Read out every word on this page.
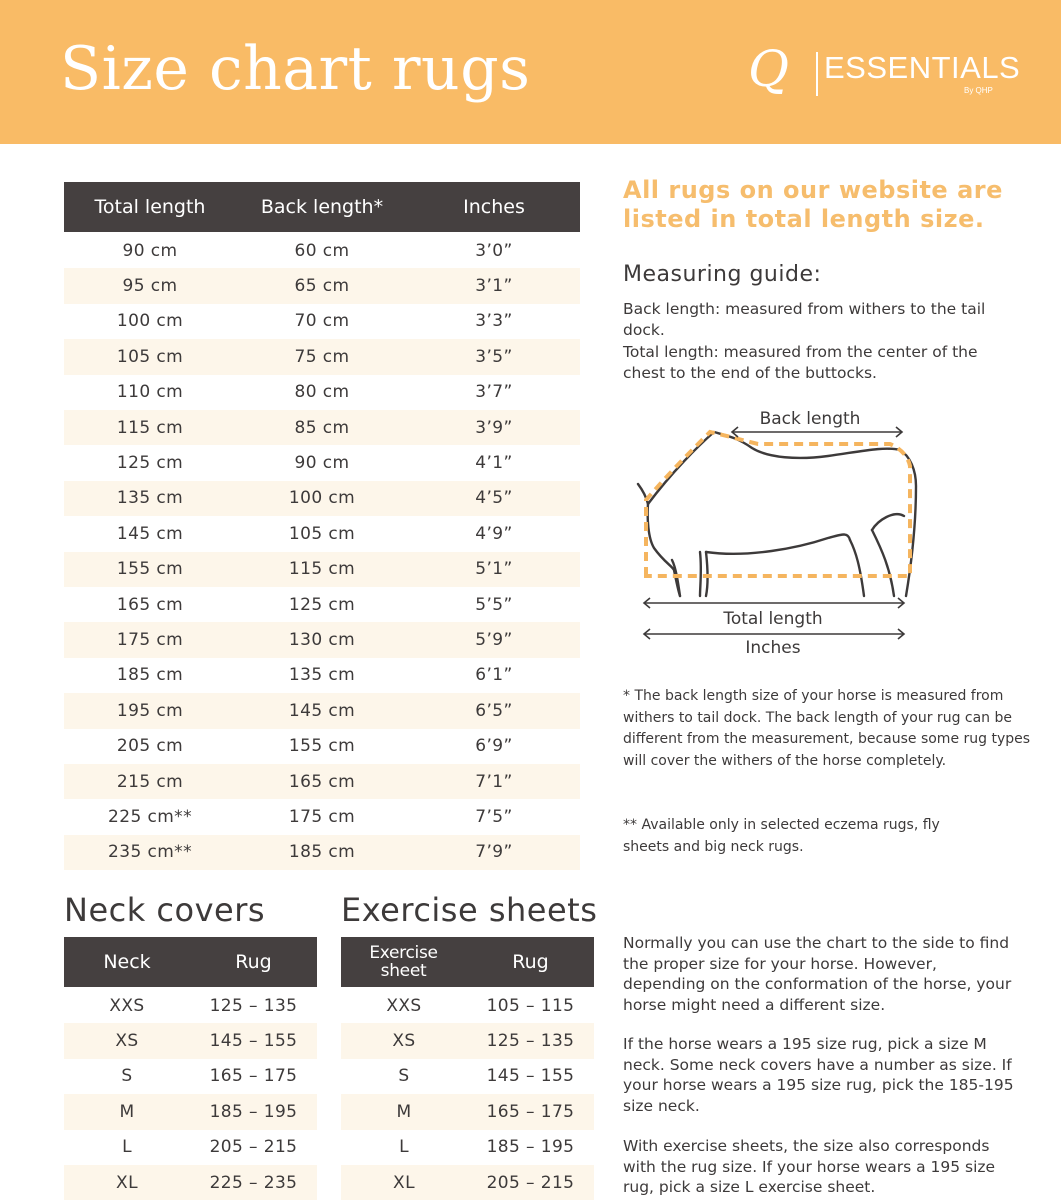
Size chart rugs	Q ESSENTIALS
By QHP
Total length	Back length*	Inches
90 cm	60 cm	3’0”
95 cm	65 cm	3’1”
100 cm	70 cm	3’3”
105 cm	75 cm	3’5”
110 cm	80 cm	3’7”
115 cm	85 cm	3’9”
125 cm	90 cm	4’1”
135 cm	100 cm	4’5”
145 cm	105 cm	4’9”
155 cm	115 cm	5’1”
165 cm	125 cm	5’5”
175 cm	130 cm	5’9”
185 cm	135 cm	6’1”
195 cm	145 cm	6’5”
205 cm	155 cm	6’9”
215 cm	165 cm	7’1”
225 cm**	175 cm	7’5”
235 cm**	185 cm	7’9”
All rugs on our website are listed in total length size.
Measuring guide:
Back length: measured from withers to the tail dock.
Total length: measured from the center of the chest to the end of the buttocks.
Back length
Total length
Inches
* The back length size of your horse is measured from withers to tail dock. The back length of your rug can be different from the measurement, because some rug types will cover the withers of the horse completely.
** Available only in selected eczema rugs, fly sheets and big neck rugs.
Neck covers
Neck	Rug
XXS	125 – 135
XS	145 – 155
S	165 – 175
M	185 – 195
L	205 – 215
XL	225 – 235
Exercise sheets
Exercise sheet	Rug
XXS	105 – 115
XS	125 – 135
S	145 – 155
M	165 – 175
L	185 – 195
XL	205 – 215
Normally you can use the chart to the side to find the proper size for your horse. However, depending on the conformation of the horse, your horse might need a different size.
If the horse wears a 195 size rug, pick a size M neck. Some neck covers have a number as size. If your horse wears a 195 size rug, pick the 185-195 size neck.
With exercise sheets, the size also corresponds with the rug size. If your horse wears a 195 size rug, pick a size L exercise sheet.
